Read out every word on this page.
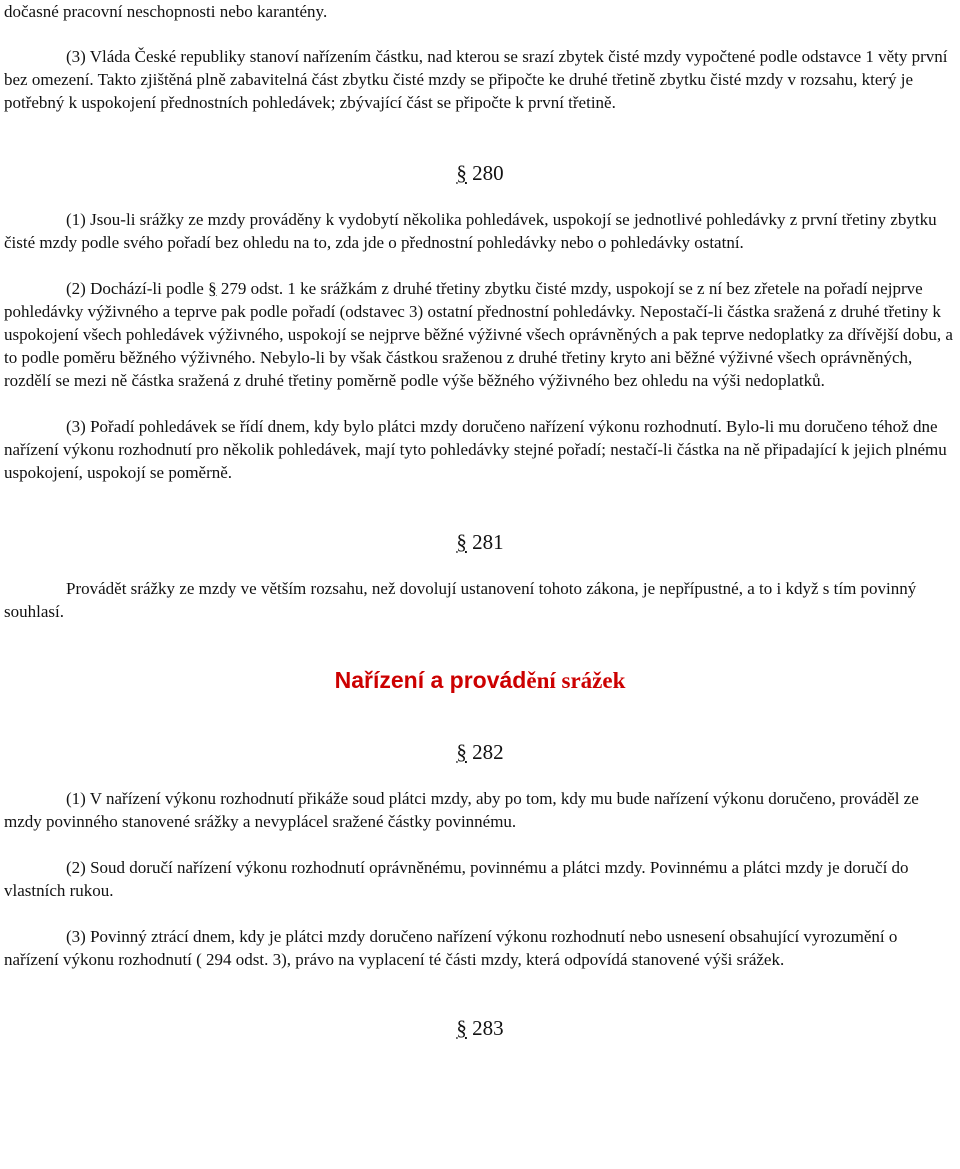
dočasné pracovní neschopnosti nebo karantény.

(3) Vláda České republiky stanoví nařízením částku, nad kterou se srazí zbytek čisté mzdy vypočtené podle odstavce 1 věty první bez omezení. Takto zjištěná plně zabavitelná část zbytku čisté mzdy se připočte ke druhé třetině zbytku čisté mzdy v rozsahu, který je potřebný k uspokojení přednostních pohledávek; zbývající část se připočte k první třetině.

§ 280

(1) Jsou-li srážky ze mzdy prováděny k vydobytí několika pohledávek, uspokojí se jednotlivé pohledávky z první třetiny zbytku čisté mzdy podle svého pořadí bez ohledu na to, zda jde o přednostní pohledávky nebo o pohledávky ostatní.

(2) Dochází-li podle § 279 odst. 1 ke srážkám z druhé třetiny zbytku čisté mzdy, uspokojí se z ní bez zřetele na pořadí nejprve pohledávky výživného a teprve pak podle pořadí (odstavec 3) ostatní přednostní pohledávky. Nepostačí-li částka sražená z druhé třetiny k uspokojení všech pohledávek výživného, uspokojí se nejprve běžné výživné všech oprávněných a pak teprve nedoplatky za dřívější dobu, a to podle poměru běžného výživného. Nebylo-li by však částkou sraženou z druhé třetiny kryto ani běžné výživné všech oprávněných, rozdělí se mezi ně částka sražená z druhé třetiny poměrně podle výše běžného výživného bez ohledu na výši nedoplatků.

(3) Pořadí pohledávek se řídí dnem, kdy bylo plátci mzdy doručeno nařízení výkonu rozhodnutí. Bylo-li mu doručeno téhož dne nařízení výkonu rozhodnutí pro několik pohledávek, mají tyto pohledávky stejné pořadí; nestačí-li částka na ně připadající k jejich plnému uspokojení, uspokojí se poměrně.

§ 281

Provádět srážky ze mzdy ve větším rozsahu, než dovolují ustanovení tohoto zákona, je nepřípustné, a to i když s tím povinný souhlasí.

Nařízení a provádění srážek

§ 282

(1) V nařízení výkonu rozhodnutí přikáže soud plátci mzdy, aby po tom, kdy mu bude nařízení výkonu doručeno, prováděl ze mzdy povinného stanovené srážky a nevyplácel sražené částky povinnému.

(2) Soud doručí nařízení výkonu rozhodnutí oprávněnému, povinnému a plátci mzdy. Povinnému a plátci mzdy je doručí do vlastních rukou.

(3) Povinný ztrácí dnem, kdy je plátci mzdy doručeno nařízení výkonu rozhodnutí nebo usnesení obsahující vyrozumění o nařízení výkonu rozhodnutí ( 294 odst. 3), právo na vyplacení té části mzdy, která odpovídá stanovené výši srážek.

§ 283
